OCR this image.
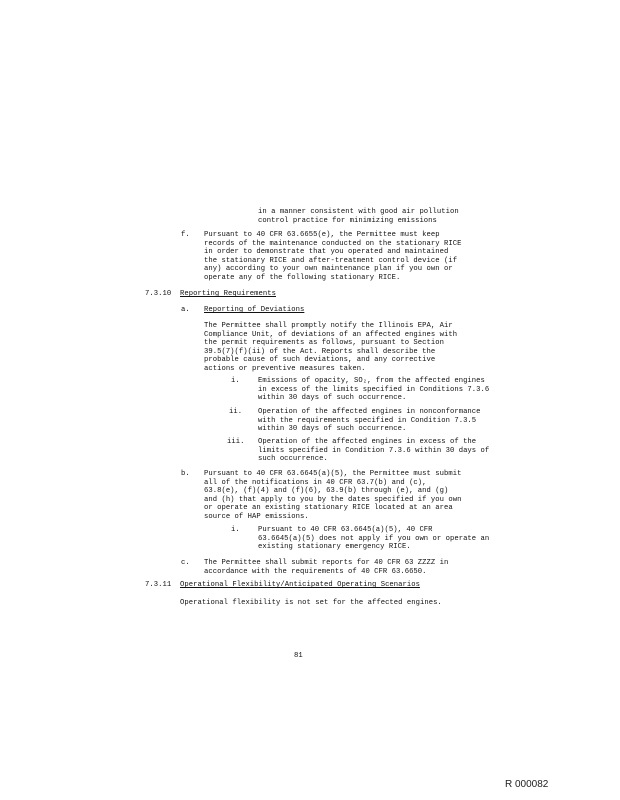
in a manner consistent with good air pollution
control practice for minimizing emissions
f. Pursuant to 40 CFR 63.6655(e), the Permittee must keep
records of the maintenance conducted on the stationary RICE
in order to demonstrate that you operated and maintained
the stationary RICE and after-treatment control device (if
any) according to your own maintenance plan if you own or
operate any of the following stationary RICE.
7.3.10 Reporting Requirements
a. Reporting of Deviations
The Permittee shall promptly notify the Illinois EPA, Air
Compliance Unit, of deviations of an affected engines with
the permit requirements as follows, pursuant to Section
39.5(7)(f)(ii) of the Act. Reports shall describe the
probable cause of such deviations, and any corrective
actions or preventive measures taken.
i.	Emissions of opacity, SO₂, from the affected engines
in excess of the limits specified in Conditions 7.3.6
within 30 days of such occurrence.
ii. Operation of the affected engines in nonconformance
with the requirements specified in Condition 7.3.5
within 30 days of such occurrence.
iii. Operation of the affected engines in excess of the
limits specified in Condition 7.3.6 within 30 days of
such occurrence.
b. Pursuant to 40 CFR 63.6645(a)(5), the Permittee must submit
all of the notifications in 40 CFR 63.7(b) and (c),
63.8(e), (f)(4) and (f)(6), 63.9(b) through (e), and (g)
and (h) that apply to you by the dates specified if you own
or operate an existing stationary RICE located at an area
source of HAP emissions.
i.	Pursuant to 40 CFR 63.6645(a)(5), 40 CFR
63.6645(a)(5) does not apply if you own or operate an
existing stationary emergency RICE.
c. The Permittee shall submit reports for 40 CFR 63 ZZZZ in
accordance with the requirements of 40 CFR 63.6650.
7.3.11 Operational Flexibility/Anticipated Operating Scenarios
Operational flexibility is not set for the affected engines.
81
R 000082
